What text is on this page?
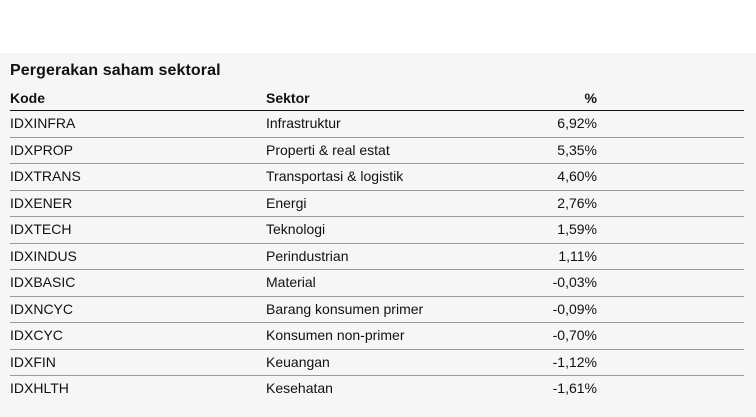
Pergerakan saham sektoral
Kode	Sektor	%
IDXINFRA	Infrastruktur	6,92%
IDXPROP	Properti & real estat	5,35%
IDXTRANS	Transportasi & logistik	4,60%
IDXENER	Energi	2,76%
IDXTECH	Teknologi	1,59%
IDXINDUS	Perindustrian	1,11%
IDXBASIC	Material	-0,03%
IDXNCYC	Barang konsumen primer	-0,09%
IDXCYC	Konsumen non-primer	-0,70%
IDXFIN	Keuangan	-1,12%
IDXHLTH	Kesehatan	-1,61%
